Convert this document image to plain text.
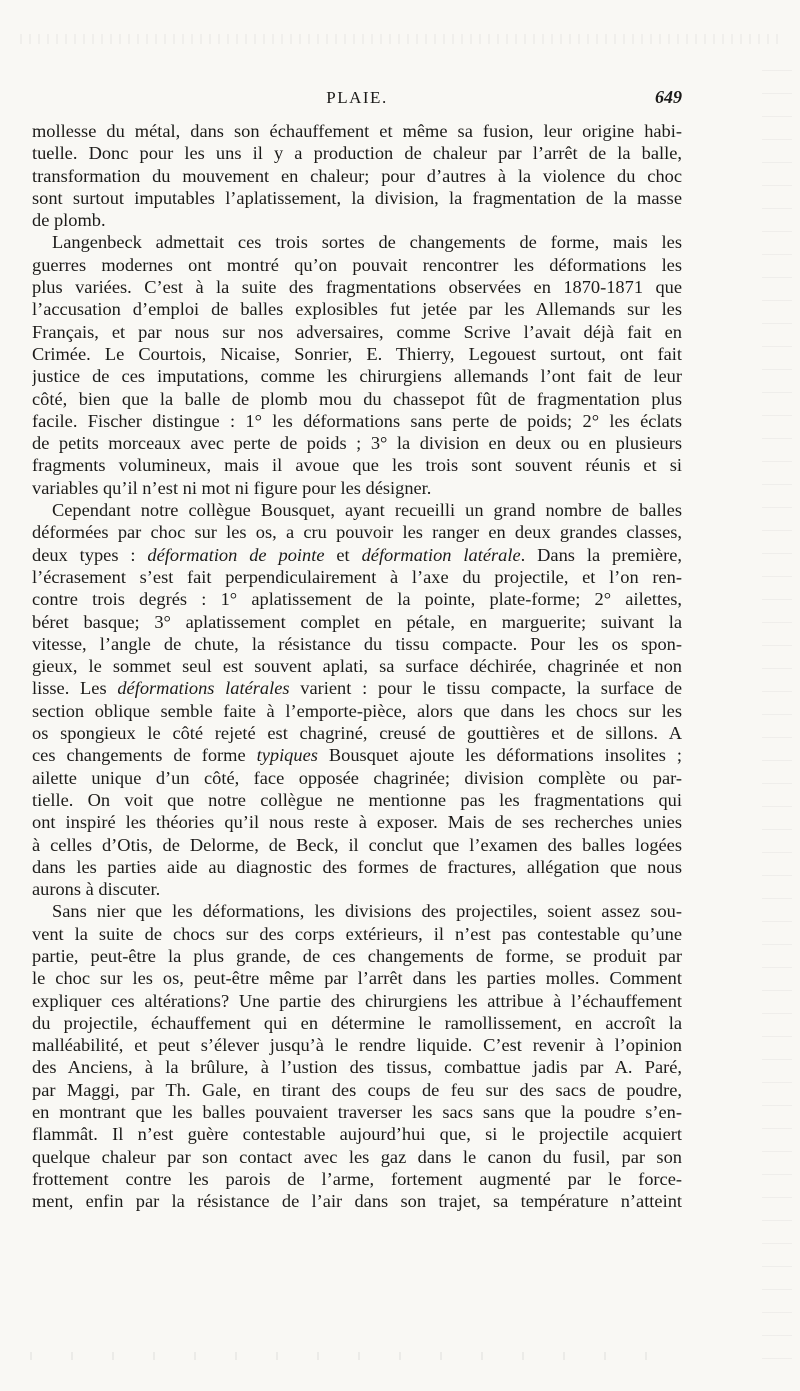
PLAIE.	649
mollesse du métal, dans son échauffement et même sa fusion, leur origine habi-
tuelle. Donc pour les uns il y a production de chaleur par l’arrêt de la balle,
transformation du mouvement en chaleur; pour d’autres à la violence du choc
sont surtout imputables l’aplatissement, la division, la fragmentation de la masse
de plomb.
Langenbeck admettait ces trois sortes de changements de forme, mais les
guerres modernes ont montré qu’on pouvait rencontrer les déformations les
plus variées. C’est à la suite des fragmentations observées en 1870-1871 que
l’accusation d’emploi de balles explosibles fut jetée par les Allemands sur les
Français, et par nous sur nos adversaires, comme Scrive l’avait déjà fait en
Crimée. Le Courtois, Nicaise, Sonrier, E. Thierry, Legouest surtout, ont fait
justice de ces imputations, comme les chirurgiens allemands l’ont fait de leur
côté, bien que la balle de plomb mou du chassepot fût de fragmentation plus
facile. Fischer distingue : 1° les déformations sans perte de poids; 2° les éclats
de petits morceaux avec perte de poids ; 3° la division en deux ou en plusieurs
fragments volumineux, mais il avoue que les trois sont souvent réunis et si
variables qu’il n’est ni mot ni figure pour les désigner.
Cependant notre collègue Bousquet, ayant recueilli un grand nombre de balles
déformées par choc sur les os, a cru pouvoir les ranger en deux grandes classes,
deux types : déformation de pointe et déformation latérale. Dans la première,
l’écrasement s’est fait perpendiculairement à l’axe du projectile, et l’on ren-
contre trois degrés : 1° aplatissement de la pointe, plate-forme; 2° ailettes,
béret basque; 3° aplatissement complet en pétale, en marguerite; suivant la
vitesse, l’angle de chute, la résistance du tissu compacte. Pour les os spon-
gieux, le sommet seul est souvent aplati, sa surface déchirée, chagrinée et non
lisse. Les déformations latérales varient : pour le tissu compacte, la surface de
section oblique semble faite à l’emporte-pièce, alors que dans les chocs sur les
os spongieux le côté rejeté est chagriné, creusé de gouttières et de sillons. A
ces changements de forme typiques Bousquet ajoute les déformations insolites ;
ailette unique d’un côté, face opposée chagrinée; division complète ou par-
tielle. On voit que notre collègue ne mentionne pas les fragmentations qui
ont inspiré les théories qu’il nous reste à exposer. Mais de ses recherches unies
à celles d’Otis, de Delorme, de Beck, il conclut que l’examen des balles logées
dans les parties aide au diagnostic des formes de fractures, allégation que nous
aurons à discuter.
Sans nier que les déformations, les divisions des projectiles, soient assez sou-
vent la suite de chocs sur des corps extérieurs, il n’est pas contestable qu’une
partie, peut-être la plus grande, de ces changements de forme, se produit par
le choc sur les os, peut-être même par l’arrêt dans les parties molles. Comment
expliquer ces altérations? Une partie des chirurgiens les attribue à l’échauffement
du projectile, échauffement qui en détermine le ramollissement, en accroît la
malléabilité, et peut s’élever jusqu’à le rendre liquide. C’est revenir à l’opinion
des Anciens, à la brûlure, à l’ustion des tissus, combattue jadis par A. Paré,
par Maggi, par Th. Gale, en tirant des coups de feu sur des sacs de poudre,
en montrant que les balles pouvaient traverser les sacs sans que la poudre s’en-
flammât. Il n’est guère contestable aujourd’hui que, si le projectile acquiert
quelque chaleur par son contact avec les gaz dans le canon du fusil, par son
frottement contre les parois de l’arme, fortement augmenté par le force-
ment, enfin par la résistance de l’air dans son trajet, sa température n’atteint
